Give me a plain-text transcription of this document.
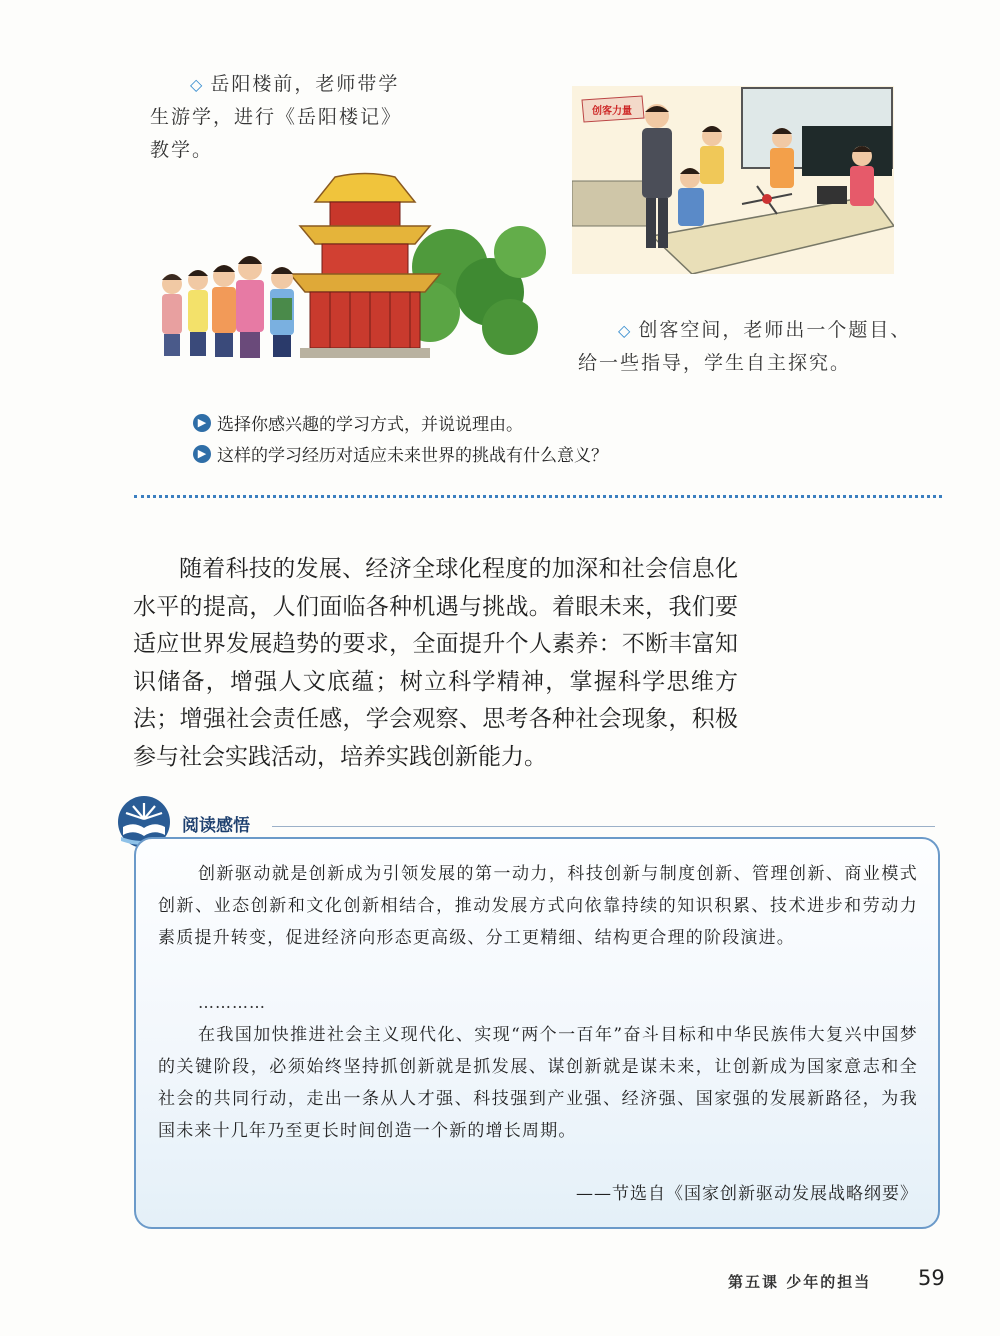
◇ 岳阳楼前，老师带学
生游学，进行《岳阳楼记》
教学。
创客力量
◇ 创客空间，老师出一个题目、
给一些指导，学生自主探究。
▶ 选择你感兴趣的学习方式，并说说理由。
▶ 这样的学习经历对适应未来世界的挑战有什么意义？

随着科技的发展、经济全球化程度的加深和社会信息化水平的提高，人们面临各种机遇与挑战。着眼未来，我们要适应世界发展趋势的要求，全面提升个人素养：不断丰富知识储备，增强人文底蕴；树立科学精神，掌握科学思维方法；增强社会责任感，学会观察、思考各种社会现象，积极参与社会实践活动，培养实践创新能力。

阅读感悟

创新驱动就是创新成为引领发展的第一动力，科技创新与制度创新、管理创新、商业模式创新、业态创新和文化创新相结合，推动发展方式向依靠持续的知识积累、技术进步和劳动力素质提升转变，促进经济向形态更高级、分工更精细、结构更合理的阶段演进。

…………

在我国加快推进社会主义现代化、实现“两个一百年”奋斗目标和中华民族伟大复兴中国梦的关键阶段，必须始终坚持抓创新就是抓发展、谋创新就是谋未来，让创新成为国家意志和全社会的共同行动，走出一条从人才强、科技强到产业强、经济强、国家强的发展新路径，为我国未来十几年乃至更长时间创造一个新的增长周期。

——节选自《国家创新驱动发展战略纲要》
第五课 少年的担当 59
